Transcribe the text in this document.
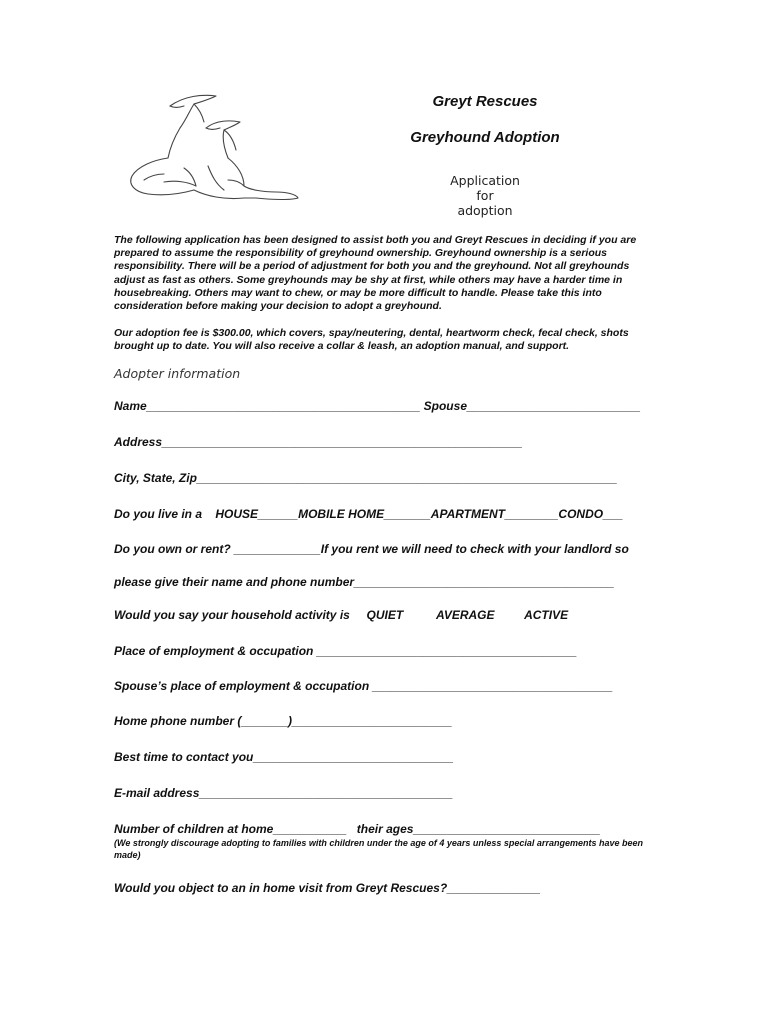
Greyt Rescues
Greyhound Adoption
Application
for
adoption

The following application has been designed to assist both you and Greyt Rescues in deciding if you are prepared to assume the responsibility of greyhound ownership. Greyhound ownership is a serious responsibility. There will be a period of adjustment for both you and the greyhound. Not all greyhounds adjust as fast as others. Some greyhounds may be shy at first, while others may have a harder time in housebreaking. Others may want to chew, or may be more difficult to handle. Please take this into consideration before making your decision to adopt a greyhound.

Our adoption fee is $300.00, which covers, spay/neutering, dental, heartworm check, fecal check, shots brought up to date. You will also receive a collar & leash, an adoption manual, and support.

Adopter information

Name_________________________________________ Spouse__________________________

Address______________________________________________________

City, State, Zip_______________________________________________________________

Do you live in a    HOUSE______MOBILE HOME_______APARTMENT________CONDO___

Do you own or rent? _____________If you rent we will need to check with your landlord so

please give their name and phone number_______________________________________

Would you say your household activity is     QUIET          AVERAGE         ACTIVE

Place of employment & occupation _______________________________________

Spouse’s place of employment & occupation ____________________________________

Home phone number (_______)________________________

Best time to contact you______________________________

E-mail address______________________________________

Number of children at home___________   their ages____________________________

(We strongly discourage adopting to families with children under the age of 4 years unless special arrangements have been made)

Would you object to an in home visit from Greyt Rescues?______________
